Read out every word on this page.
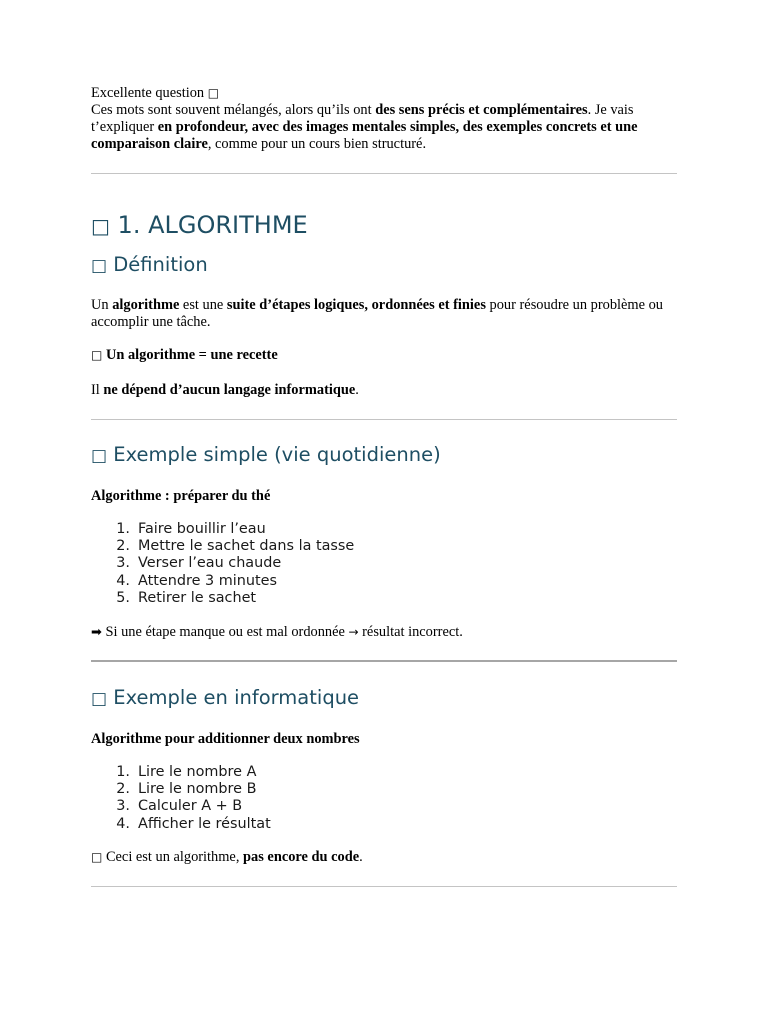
Excellente question □

Ces mots sont souvent mélangés, alors qu’ils ont des sens précis et complémentaires. Je vais t’expliquer en profondeur, avec des images mentales simples, des exemples concrets et une comparaison claire, comme pour un cours bien structuré.

□ 1. ALGORITHME
□ Définition

Un algorithme est une suite d’étapes logiques, ordonnées et finies pour résoudre un problème ou accomplir une tâche.

□ Un algorithme = une recette

Il ne dépend d’aucun langage informatique.

□ Exemple simple (vie quotidienne)

Algorithme : préparer du thé

1. Faire bouillir l’eau
2. Mettre le sachet dans la tasse
3. Verser l’eau chaude
4. Attendre 3 minutes
5. Retirer le sachet

➡ Si une étape manque ou est mal ordonnée → résultat incorrect.

□ Exemple en informatique

Algorithme pour additionner deux nombres

1. Lire le nombre A
2. Lire le nombre B
3. Calculer A + B
4. Afficher le résultat

□ Ceci est un algorithme, pas encore du code.
